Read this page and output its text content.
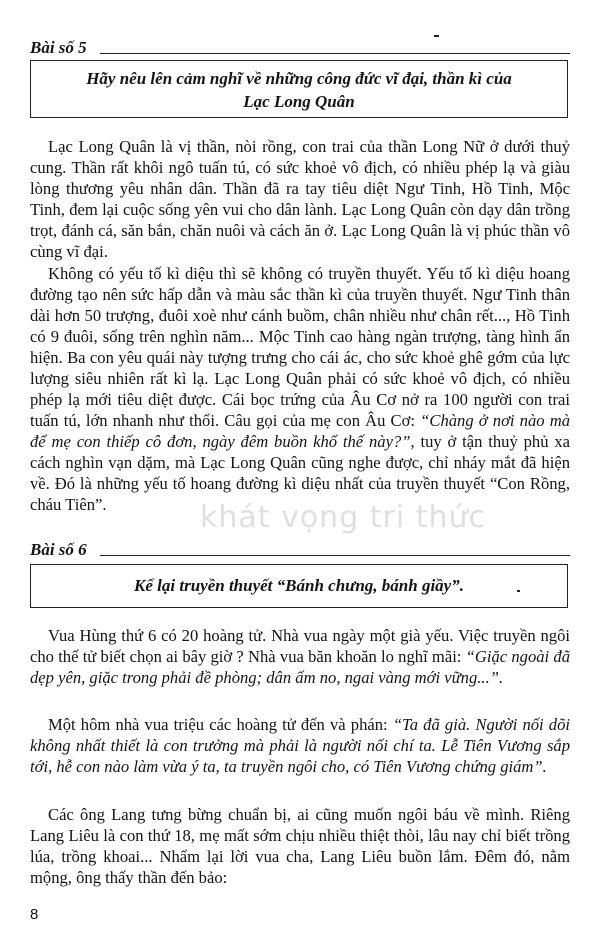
Bài số 5
Hãy nêu lên cảm nghĩ về những công đức vĩ đại, thần kì của
Lạc Long Quân

Lạc Long Quân là vị thần, nòi rồng, con trai của thần Long Nữ ở dưới thuỷ cung. Thần rất khôi ngô tuấn tú, có sức khoẻ vô địch, có nhiều phép lạ và giàu lòng thương yêu nhân dân. Thần đã ra tay tiêu diệt Ngư Tinh, Hồ Tinh, Mộc Tinh, đem lại cuộc sống yên vui cho dân lành. Lạc Long Quân còn dạy dân trồng trọt, đánh cá, săn bắn, chăn nuôi và cách ăn ở. Lạc Long Quân là vị phúc thần vô cùng vĩ đại.

Không có yếu tố kì diệu thì sẽ không có truyền thuyết. Yếu tố kì diệu hoang đường tạo nên sức hấp dẫn và màu sắc thần kì của truyền thuyết. Ngư Tinh thân dài hơn 50 trượng, đuôi xoè như cánh buồm, chân nhiều như chân rết..., Hồ Tinh có 9 đuôi, sống trên nghìn năm... Mộc Tinh cao hàng ngàn trượng, tàng hình ẩn hiện. Ba con yêu quái này tượng trưng cho cái ác, cho sức khoẻ ghê gớm của lực lượng siêu nhiên rất kì lạ. Lạc Long Quân phải có sức khoẻ vô địch, có nhiều phép lạ mới tiêu diệt được. Cái bọc trứng của Âu Cơ nở ra 100 người con trai tuấn tú, lớn nhanh như thổi. Câu gọi của mẹ con Âu Cơ: “Chàng ở nơi nào mà để mẹ con thiếp cô đơn, ngày đêm buồn khổ thế này?”, tuy ở tận thuỷ phủ xa cách nghìn vạn dặm, mà Lạc Long Quân cũng nghe được, chỉ nháy mắt đã hiện về. Đó là những yếu tố hoang đường kì diệu nhất của truyền thuyết “Con Rồng, cháu Tiên”.	khát vọng tri thức
Bài số 6
Kể lại truyền thuyết “Bánh chưng, bánh giầy”.

Vua Hùng thứ 6 có 20 hoàng tử. Nhà vua ngày một già yếu. Việc truyền ngôi cho thế tử biết chọn ai bây giờ ? Nhà vua băn khoăn lo nghĩ mãi: “Giặc ngoài đã dẹp yên, giặc trong phải đề phòng; dân ấm no, ngai vàng mới vững...”.

Một hôm nhà vua triệu các hoàng tử đến và phán: “Ta đã già. Người nối dõi không nhất thiết là con trưởng mà phải là người nối chí ta. Lễ Tiên Vương sắp tới, hễ con nào làm vừa ý ta, ta truyền ngôi cho, có Tiên Vương chứng giám”.

Các ông Lang tưng bừng chuẩn bị, ai cũng muốn ngôi báu về mình. Riêng Lang Liêu là con thứ 18, mẹ mất sớm chịu nhiều thiệt thòi, lâu nay chỉ biết trồng lúa, trồng khoai... Nhẩm lại lời vua cha, Lang Liêu buồn lắm. Đêm đó, nằm mộng, ông thấy thần đến bảo:

8
